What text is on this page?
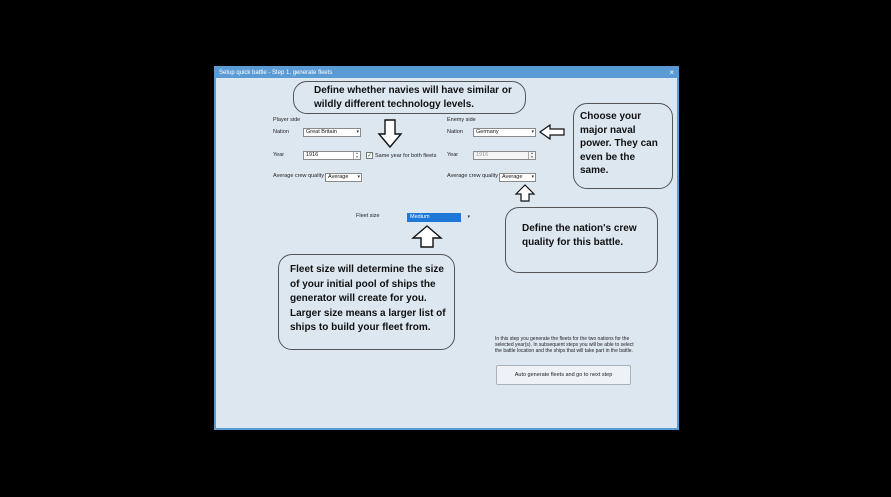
Setup quick battle - Step 1, generate fleets	×
Player side
Nation	Great Britain	▾
Year	1916	▲
▼ ✓ Same year for both fleets
Average crew quality Average ▾
Enemy side
Nation	Germany	▾
Year	1916	▲
▼
Average crew quality Average ▾
Fleet size	Medium	▾
In this step you generate the fleets for the two nations for the selected year(s). In subsequent steps you will be able to select the battle location and the ships that will take part in the battle.
Auto generate fleets and go to next step
Define whether navies will have similar or wildly different technology levels.
Choose your major naval power. They can even be the same.
Define the nation's crew quality for this battle.
Fleet size will determine the size of your initial pool of ships the generator will create for you. Larger size means a larger list of ships to build your fleet from.
